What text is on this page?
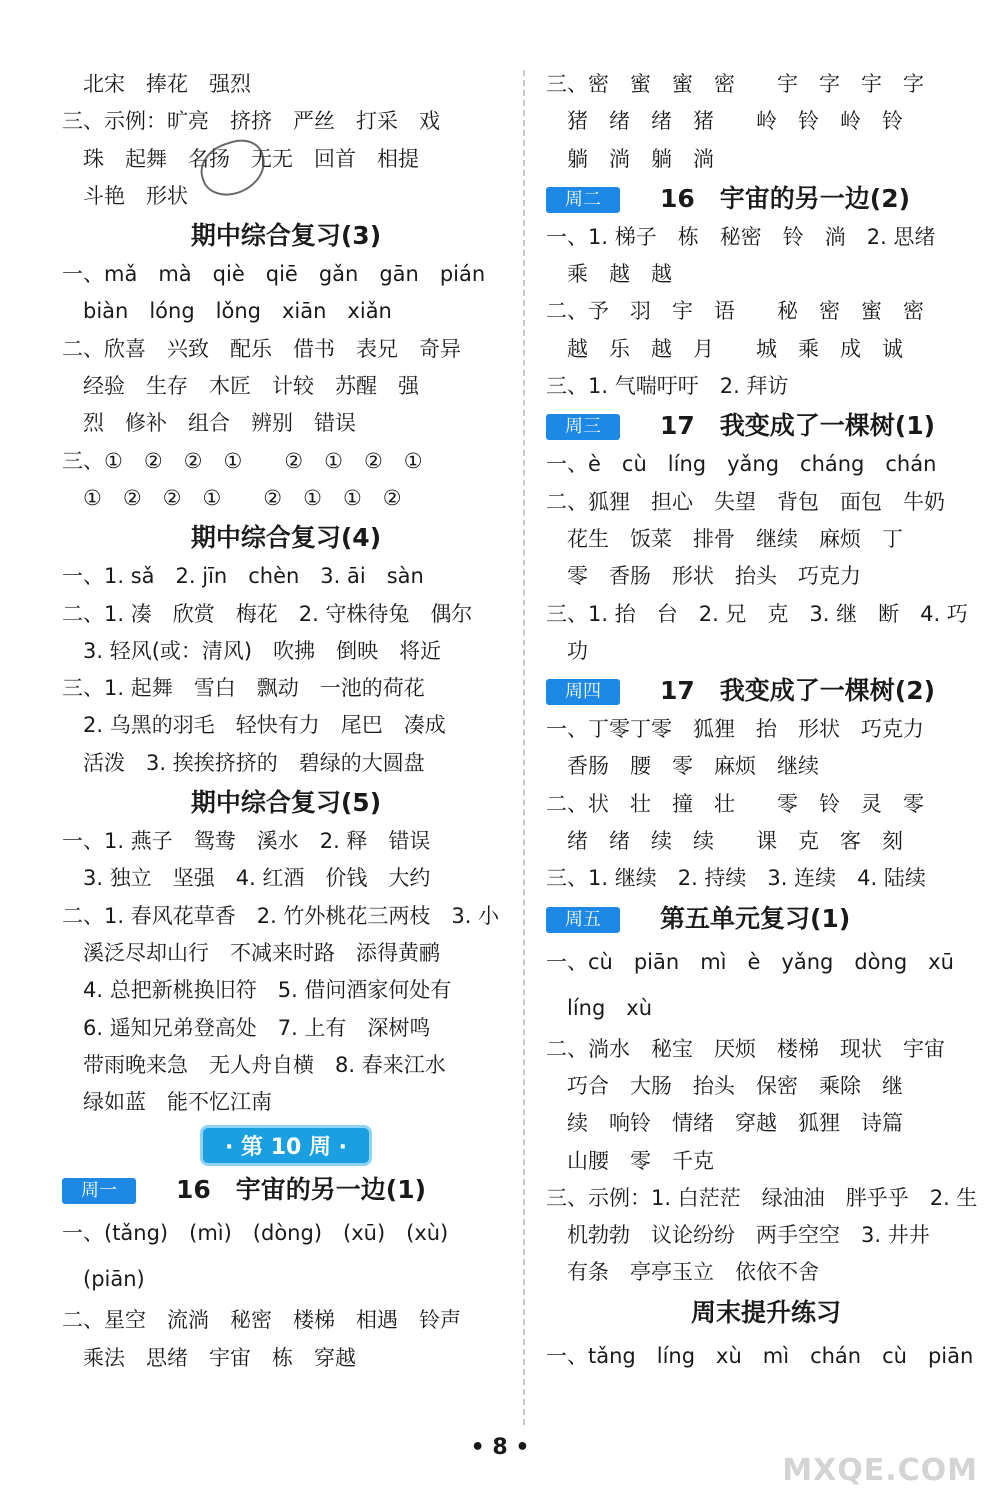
　北宋　捧花　强烈
三、示例：旷亮　挤挤　严丝　打采　戏
　珠　起舞　名扬　无无　回首　相提
　斗艳　形状
期中综合复习(3)
一、mǎ　mà　qiè　qiē　gǎn　gān　pián
　biàn　lóng　lǒng　xiān　xiǎn
二、欣喜　兴致　配乐　借书　表兄　奇异
　经验　生存　木匠　计较　苏醒　强
　烈　修补　组合　辨别　错误
三、①　②　②　①　　②　①　②　①
　①　②　②　①　　②　①　①　②
期中综合复习(4)
一、1. sǎ　2. jīn　chèn　3. āi　sàn
二、1. 凑　欣赏　梅花　2. 守株待兔　偶尔
　3. 轻风(或：清风)　吹拂　倒映　将近
三、1. 起舞　雪白　飘动　一池的荷花
　2. 乌黑的羽毛　轻快有力　尾巴　凑成
　活泼　3. 挨挨挤挤的　碧绿的大圆盘
期中综合复习(5)
一、1. 燕子　鸳鸯　溪水　2. 释　错误
　3. 独立　坚强　4. 红酒　价钱　大约
二、1. 春风花草香　2. 竹外桃花三两枝　3. 小
　溪泛尽却山行　不减来时路　添得黄鹂
　4. 总把新桃换旧符　5. 借问酒家何处有
　6. 遥知兄弟登高处　7. 上有　深树鸣
　带雨晚来急　无人舟自横　8. 春来江水
　绿如蓝　能不忆江南
· 第 10 周 ·
周一 16　宇宙的另一边(1)
一、(tǎng)　(mì)　(dòng)　(xū)　(xù)
　(piān)
二、星空　流淌　秘密　楼梯　相遇　铃声
　乘法　思绪　宇宙　栋　穿越
三、密　蜜　蜜　密　　宇　字　宇　字
　猪　绪　绪　猪　　岭　铃　岭　铃
　躺　淌　躺　淌
周二 16　宇宙的另一边(2)
一、1. 梯子　栋　秘密　铃　淌　2. 思绪
　乘　越　越
二、予　羽　宇　语　　秘　密　蜜　密
　越　乐　越　月　　城　乘　成　诚
三、1. 气喘吁吁　2. 拜访
周三 17　我变成了一棵树(1)
一、è　cù　líng　yǎng　cháng　chán
二、狐狸　担心　失望　背包　面包　牛奶
　花生　饭菜　排骨　继续　麻烦　丁
　零　香肠　形状　抬头　巧克力
三、1. 抬　台　2. 兄　克　3. 继　断　4. 巧
　功
周四 17　我变成了一棵树(2)
一、丁零丁零　狐狸　抬　形状　巧克力
　香肠　腰　零　麻烦　继续
二、状　壮　撞　壮　　零　铃　灵　零
　绪　绪　续　续　　课　克　客　刻
三、1. 继续　2. 持续　3. 连续　4. 陆续
周五 第五单元复习(1)
一、cù　piān　mì　è　yǎng　dòng　xū
　líng　xù
二、淌水　秘宝　厌烦　楼梯　现状　宇宙
　巧合　大肠　抬头　保密　乘除　继
　续　响铃　情绪　穿越　狐狸　诗篇
　山腰　零　千克
三、示例：1. 白茫茫　绿油油　胖乎乎　2. 生
　机勃勃　议论纷纷　两手空空　3. 井井
　有条　亭亭玉立　依依不舍
周末提升练习
一、tǎng　líng　xù　mì　chán　cù　piān
• 8 •
MXQE.COM
